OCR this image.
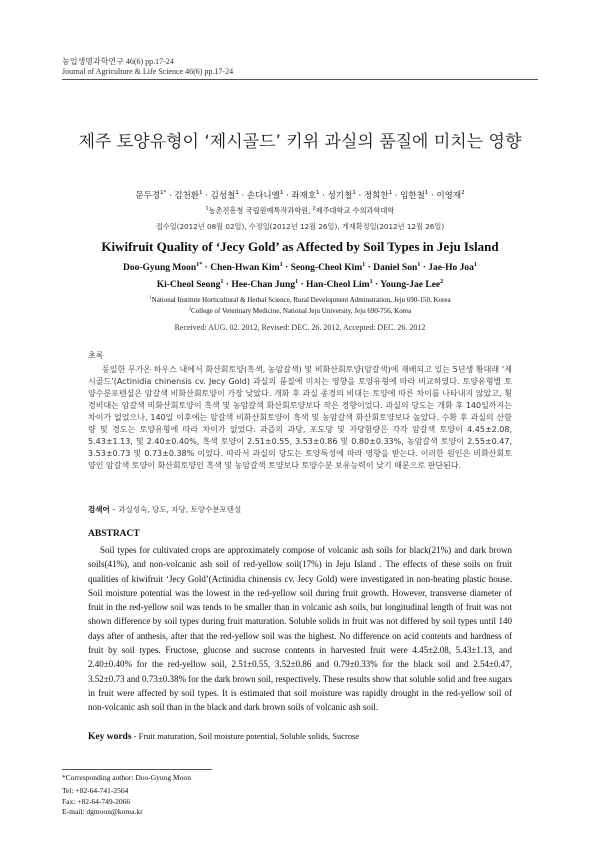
농업생명과학연구 46(6) pp.17-24
Journal of Agriculture & Life Science 46(6) pp.17-24
제주 토양유형이 ‘제시골드’ 키위 과실의 품질에 미치는 영향
문두경$^{1*}$ · 김천환$^1$ · 김성철$^1$ · 손다니엘$^1$ · 좌재호$^1$ · 성기철$^1$ · 정희찬$^1$ · 임한철$^1$ · 이영재$^2$
$^1$농촌진흥청 국립원예특작과학원, $^2$제주대학교 수의과학대학
접수일(2012년 08월 02일), 수정일(2012년 12월 26일), 게재확정일(2012년 12월 26일)
Kiwifruit Quality of ‘Jecy Gold’ as Affected by Soil Types in Jeju Island
Doo-Gyung Moon$^{1*}$ · Chen-Hwan Kim$^1$ · Seong-Cheol Kim$^1$ · Daniel Son$^1$ · Jae-Ho Joa$^1$
Ki-Cheol Seong$^1$ · Hee-Chan Jung$^1$ · Han-Cheol Lim$^1$ · Young-Jae Lee$^2$
$^1$National Institute Horticultural & Herbal Science, Rural Development Adminstration, Jeju 690-150, Korea
$^2$College of Veterinary Medicine, National Jeju University, Jeju 690-756, Korea
Received: AUG. 02. 2012, Revised: DEC. 26. 2012, Accepted: DEC. 26. 2012
초록
동일한 무가온 하우스 내에서 화산회토양(흑색, 농암갈색) 및 비화산회토양(암갈색)에 재배되고 있는 5년생 황대래 ‘제시골드’(Actinidia chinensis cv. Jecy Gold) 과실의 품질에 미치는 영향을 토양유형에 따라 비교하였다. 토양유형별 토양수분포텐셜은 암갈색 비화산회토양이 가장 낮았다. 개화 후 과실 종경의 비대는 토양에 따른 차이를 나타내지 않았고, 횡경비대는 암갈색 비화산회토양이 흑색 및 농암갈색 화산회토양보다 작은 경향이었다. 과실의 당도는 개화 후 140일까지는 차이가 없었으나, 140일 이후에는 암갈색 비화산회토양이 흑색 및 농암갈색 화산회토양보다 높았다. 수확 후 과실의 산함량 및 경도는 토양유형에 따라 차이가 없었다. 과즙의 과당, 포도당 및 자당함량은 각각 암갈색 토양이 4.45±2.08, 5.43±1.13, 및 2.40±0.40%, 흑색 토양이 2.51±0.55, 3.53±0.86 및 0.80±0.33%, 농암갈색 토양이 2.55±0.47, 3.53±0.73 및 0.73±0.38% 이었다. 따라서 과실의 당도는 토양특성에 따라 영향을 받는다. 이러한 원인은 비화산회토양인 암갈색 토양이 화산회토양인 흑색 및 농암갈색 토양보다 토양수분 보유능력이 낮기 때문으로 판단된다.
검색어 – 과실성숙, 당도, 자당, 토양수분포텐셜
ABSTRACT
Soil types for cultivated crops are approximately compose of volcanic ash soils for black(21%) and dark brown soils(41%), and non-volcanic ash soil of red-yellow soil(17%) in Jeju Island . The effects of these soils on fruit qualities of kiwifruit ‘Jecy Gold’(Actinidia chinensis cv. Jecy Gold) were investigated in non-heating plastic house. Soil moisture potential was the lowest in the red-yellow soil during fruit growth. However, transverse diameter of fruit in the red-yellow soil was tends to be smaller than in volcanic ash soils, but longitudinal length of fruit was not shown difference by soil types during fruit maturation. Soluble solids in fruit was not differed by soil types until 140 days after of anthesis, after that the red-yellow soil was the highest. No difference on acid contents and hardness of fruit by soil types. Fructose, glucose and sucrose contents in harvested fruit were 4.45±2.08, 5.43±1.13, and 2.40±0.40% for the red-yellow soil, 2.51±0.55, 3.52±0.86 and 0.79±0.33% for the black soil and 2.54±0.47, 3.52±0.73 and 0.73±0.38% for the dark brown soil, respectively. These results show that soluble solid and free sugars in fruit were affected by soil types. It is estimated that soil moisture was rapidly drought in the red-yellow soil of non-volcanic ash soil than in the black and dark brown soils of volcanic ash soil.
Key words - Fruit maturation, Soil moisture potential, Soluble solids, Sucrose
*Corresponding author: Doo-Gyung Moon
Tel: +82-64-741-2564
Fax: +82-64-749-2066
E-mail: dgmoon@korea.kr
